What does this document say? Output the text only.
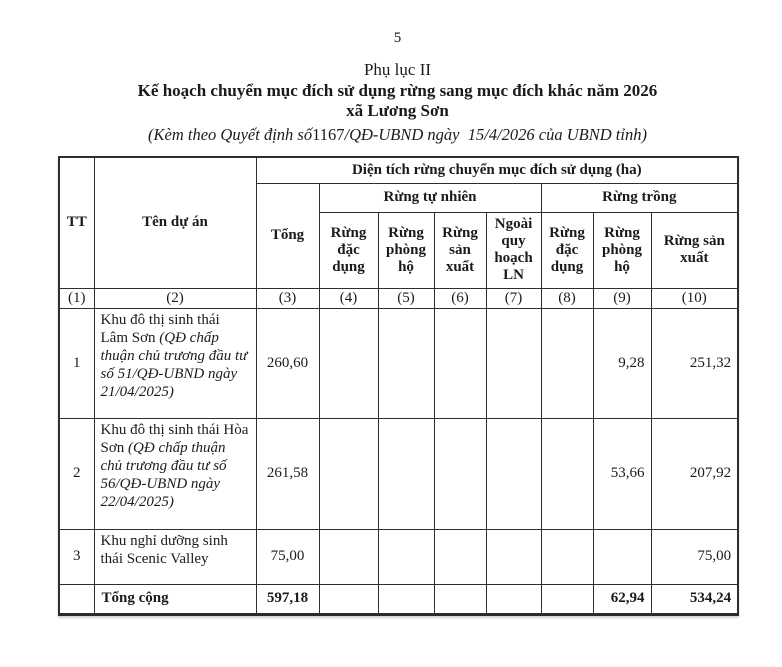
5
Phụ lục II
Kế hoạch chuyển mục đích sử dụng rừng sang mục đích khác năm 2026
xã Lương Sơn
(Kèm theo Quyết định số1167/QĐ-UBND ngày  15/4/2026 của UBND tỉnh)
TT	Tên dự án	Diện tích rừng chuyển mục đích sử dụng (ha)							
		Tổng	Rừng tự nhiên				Rừng trồng		
			Rừng đặc dụng	Rừng phòng hộ	Rừng sản xuất	Ngoài quy hoạch LN	Rừng đặc dụng	Rừng phòng hộ	Rừng sản xuất
(1)	(2)	(3)	(4)	(5)	(6)	(7)	(8)	(9)	(10)
1	Khu đô thị sinh thái Lâm Sơn (QĐ chấp thuận chủ trương đầu tư số 51/QĐ-UBND ngày 21/04/2025)	260,60						9,28	251,32
2	Khu đô thị sinh thái Hòa Sơn (QĐ chấp thuận chủ trương đầu tư số 56/QĐ-UBND ngày 22/04/2025)	261,58						53,66	207,92
3	Khu nghỉ dưỡng sinh thái Scenic Valley	75,00							75,00
	Tổng cộng	597,18						62,94	534,24
